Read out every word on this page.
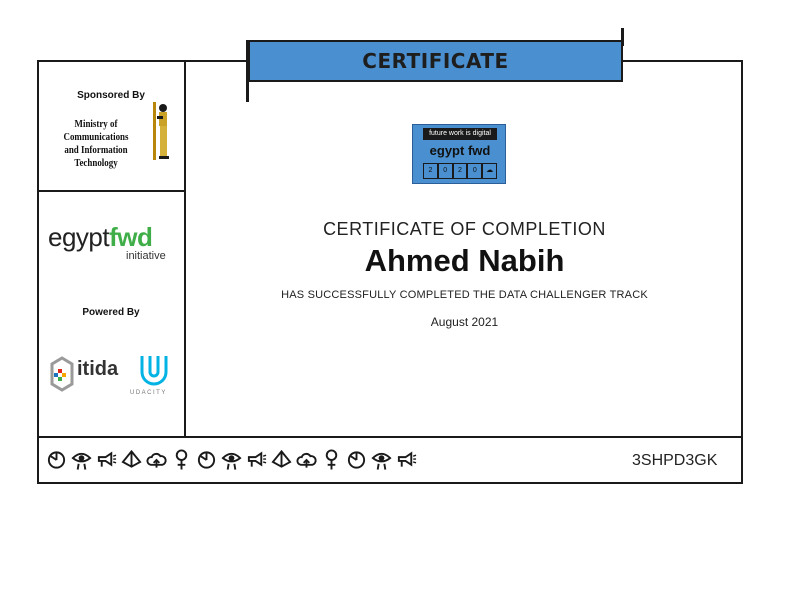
CERTIFICATE
Sponsored By
Ministry of Communications
and Information Technology
egyptfwd
initiative
Powered By
itida
UDACITY
future work is digital
egypt fwd
2	0	2	0	☁
CERTIFICATE OF COMPLETION
Ahmed Nabih
HAS SUCCESSFULLY COMPLETED THE DATA CHALLENGER TRACK
August 2021
3SHPD3GK
